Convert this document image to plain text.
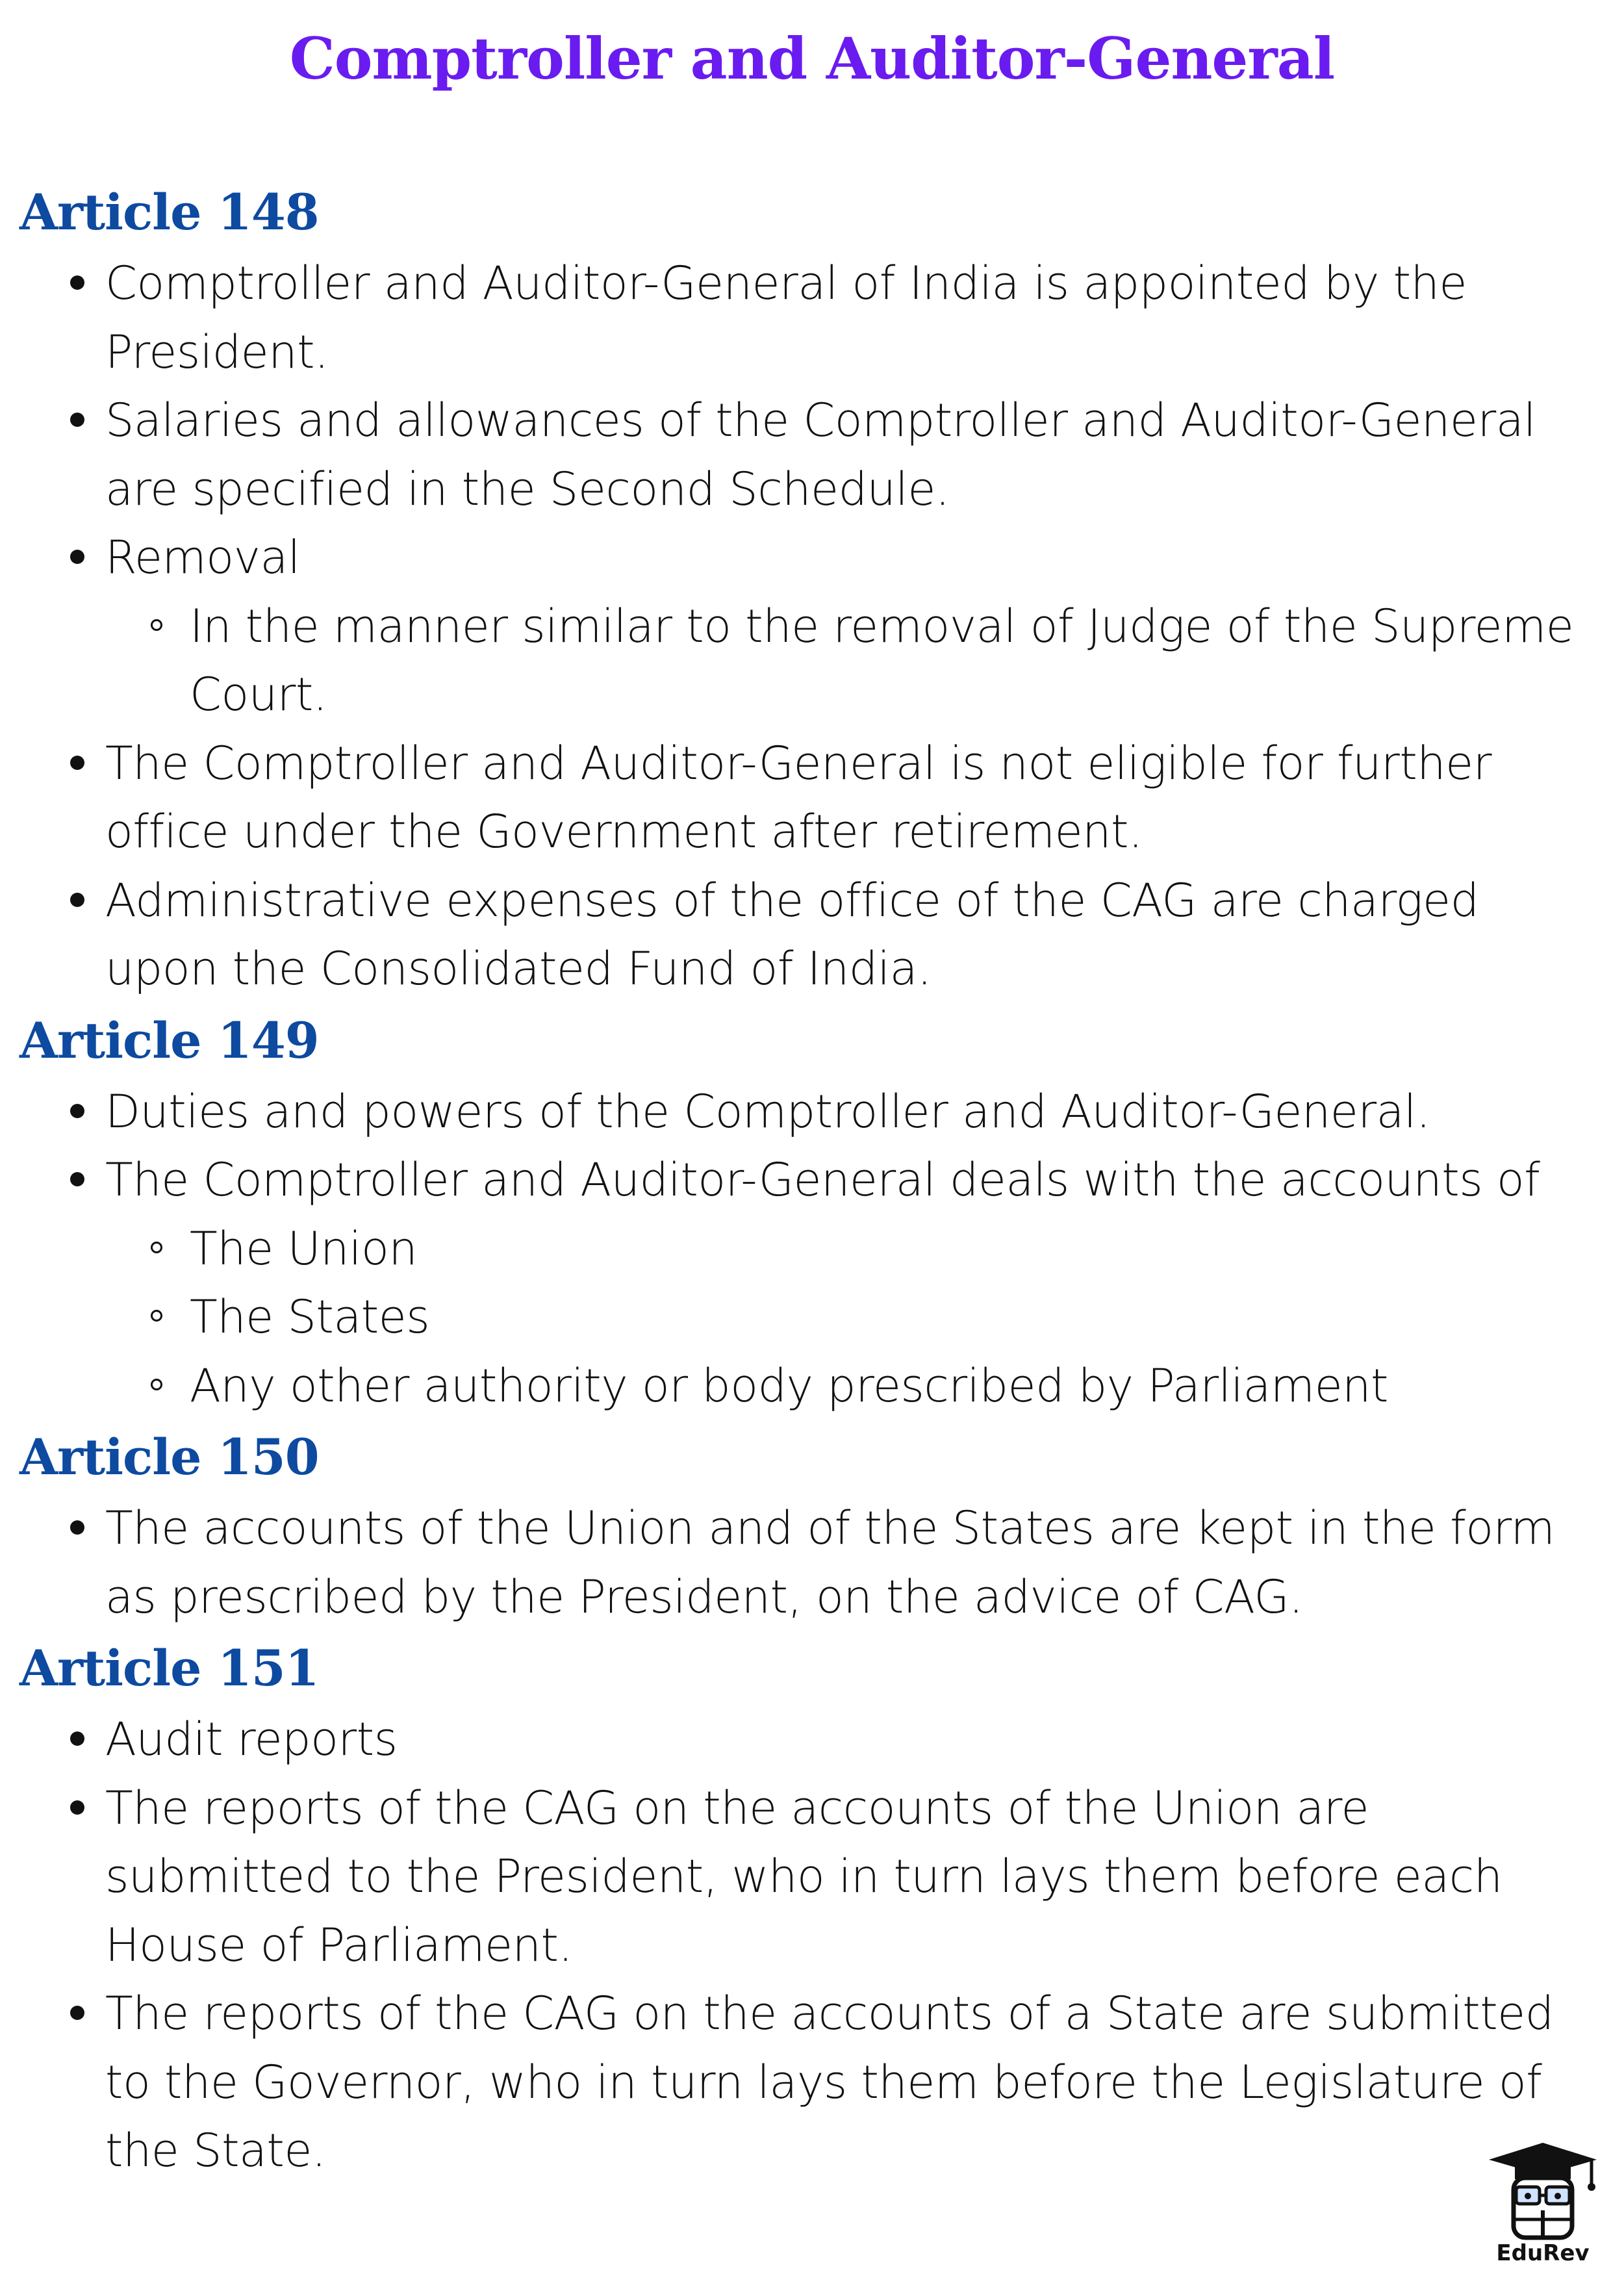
Comptroller and Auditor-General
Article 148
Comptroller and Auditor-General of India is appointed by the President.
Salaries and allowances of the Comptroller and Auditor-General are specified in the Second Schedule.
Removal
In the manner similar to the removal of Judge of the Supreme Court.
The Comptroller and Auditor-General is not eligible for further office under the Government after retirement.
Administrative expenses of the office of the CAG are charged upon the Consolidated Fund of India.
Article 149
Duties and powers of the Comptroller and Auditor-General.
The Comptroller and Auditor-General deals with the accounts of
The Union
The States
Any other authority or body prescribed by Parliament
Article 150
The accounts of the Union and of the States are kept in the form as prescribed by the President, on the advice of CAG.
Article 151
Audit reports
The reports of the CAG on the accounts of the Union are submitted to the President, who in turn lays them before each House of Parliament.
The reports of the CAG on the accounts of a State are submitted to the Governor, who in turn lays them before the Legislature of the State.
EduRev
